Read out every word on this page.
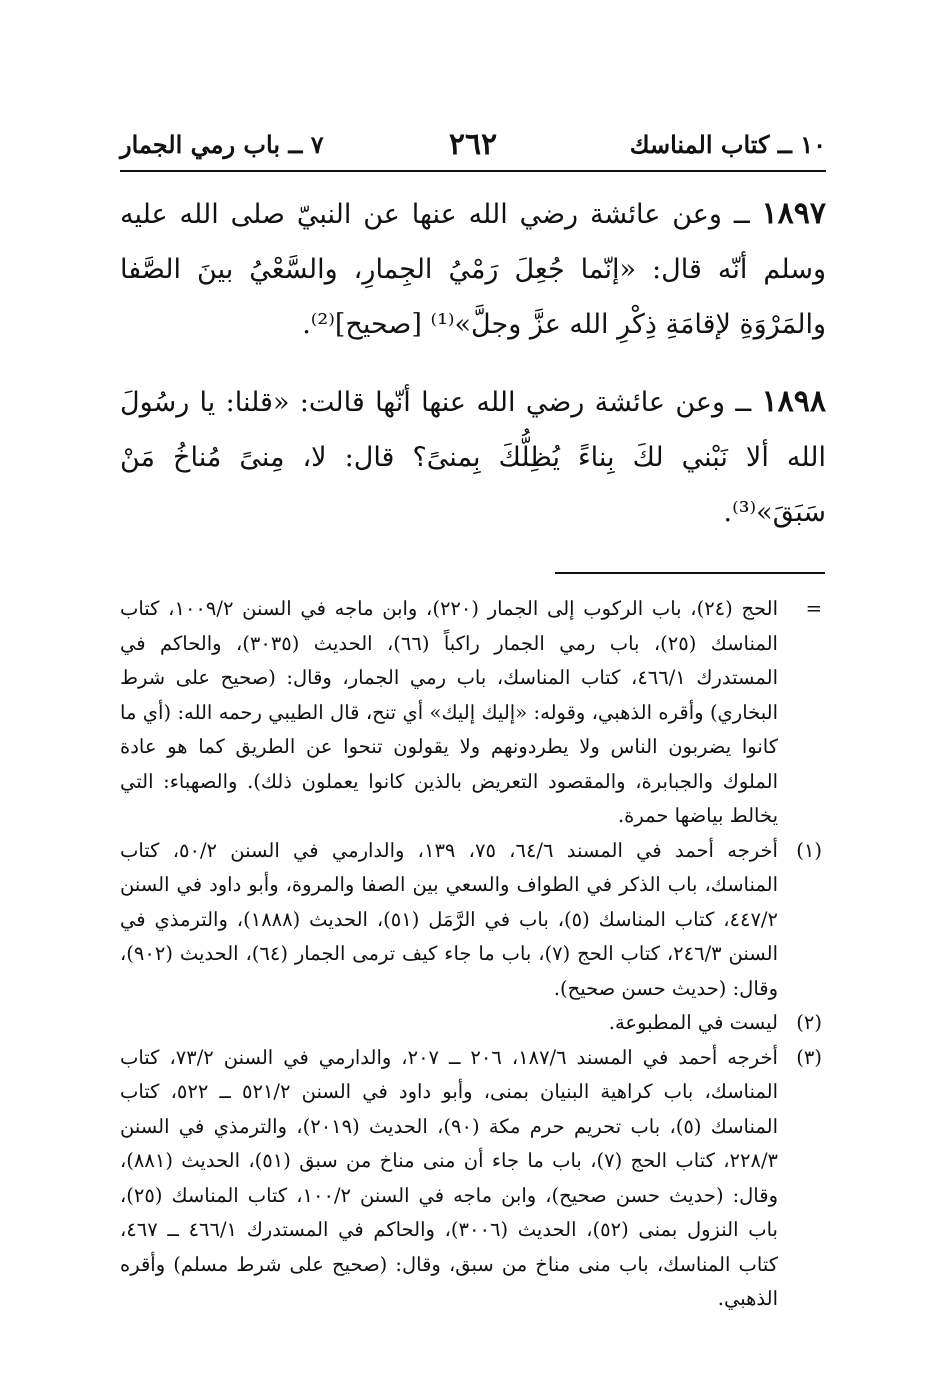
١٠ ــ كتاب المناسك
٢٦٢
٧ ــ باب رمي الجمار

١٨٩٧ ــ وعن عائشة رضي الله عنها عن النبيّ صلى الله عليه وسلم أنّه قال: «إنّما جُعِلَ رَمْيُ الجِمارِ، والسَّعْيُ بينَ الصَّفا والمَرْوَةِ لإقامَةِ ذِكْرِ الله عزَّ وجلَّ»⁽¹⁾ [صحيح]⁽²⁾.

١٨٩٨ ــ وعن عائشة رضي الله عنها أنّها قالت: «قلنا: يا رسُولَ الله ألا نَبْني لكَ بِناءً يُظِلُّكَ بِمنىً؟ قال: لا، مِنىً مُناخُ مَنْ سَبَقَ»⁽³⁾.

=
الحج (٢٤)، باب الركوب إلى الجمار (٢٢٠)، وابن ماجه في السنن ١٠٠٩/٢، كتاب المناسك (٢٥)، باب رمي الجمار راكباً (٦٦)، الحديث (٣٠٣٥)، والحاكم في المستدرك ٤٦٦/١، كتاب المناسك، باب رمي الجمار، وقال: (صحيح على شرط البخاري) وأقره الذهبي، وقوله: «إليك إليك» أي تنح، قال الطيبي رحمه الله: (أي ما كانوا يضربون الناس ولا يطردونهم ولا يقولون تنحوا عن الطريق كما هو عادة الملوك والجبابرة، والمقصود التعريض بالذين كانوا يعملون ذلك). والصهباء: التي يخالط بياضها حمرة.
(١)
أخرجه أحمد في المسند ٦٤/٦، ٧٥، ١٣٩، والدارمي في السنن ٥٠/٢، كتاب المناسك، باب الذكر في الطواف والسعي بين الصفا والمروة، وأبو داود في السنن ٤٤٧/٢، كتاب المناسك (٥)، باب في الرَّمَل (٥١)، الحديث (١٨٨٨)، والترمذي في السنن ٢٤٦/٣، كتاب الحج (٧)، باب ما جاء كيف ترمى الجمار (٦٤)، الحديث (٩٠٢)، وقال: (حديث حسن صحيح).
(٢)
ليست في المطبوعة.
(٣)
أخرجه أحمد في المسند ١٨٧/٦، ٢٠٦ ــ ٢٠٧، والدارمي في السنن ٧٣/٢، كتاب المناسك، باب كراهية البنيان بمنى، وأبو داود في السنن ٥٢١/٢ ــ ٥٢٢، كتاب المناسك (٥)، باب تحريم حرم مكة (٩٠)، الحديث (٢٠١٩)، والترمذي في السنن ٢٢٨/٣، كتاب الحج (٧)، باب ما جاء أن منى مناخ من سبق (٥١)، الحديث (٨٨١)، وقال: (حديث حسن صحيح)، وابن ماجه في السنن ١٠٠/٢، كتاب المناسك (٢٥)، باب النزول بمنى (٥٢)، الحديث (٣٠٠٦)، والحاكم في المستدرك ٤٦٦/١ ــ ٤٦٧، كتاب المناسك، باب منى مناخ من سبق، وقال: (صحيح على شرط مسلم) وأقره الذهبي.
